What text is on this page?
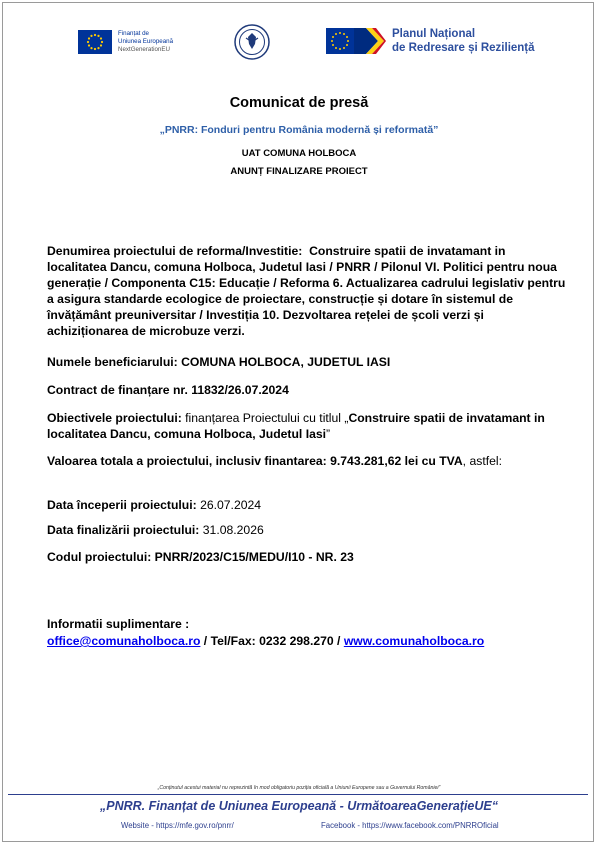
Finanțat de
Uniunea Europeană
NextGenerationEU
Planul Național
de Redresare și Reziliență
Comunicat de presă
„PNRR: Fonduri pentru România modernă și reformată”
UAT COMUNA HOLBOCA
ANUNȚ FINALIZARE PROIECT
Denumirea proiectului de reforma/Investitie: Construire spatii de invatamant in localitatea Dancu, comuna Holboca, Judetul Iasi / PNRR / Pilonul VI. Politici pentru noua generație / Componenta C15: Educație / Reforma 6. Actualizarea cadrului legislativ pentru a asigura standarde ecologice de proiectare, construcție și dotare în sistemul de învățământ preuniversitar / Investiția 10. Dezvoltarea rețelei de școli verzi și achiziționarea de microbuze verzi.
Numele beneficiarului: COMUNA HOLBOCA, JUDETUL IASI
Contract de finanțare nr. 11832/26.07.2024
Obiectivele proiectului: finanțarea Proiectului cu titlul „Construire spatii de invatamant in localitatea Dancu, comuna Holboca, Judetul Iasi”
Valoarea totala a proiectului, inclusiv finantarea: 9.743.281,62 lei cu TVA, astfel:
Data începerii proiectului: 26.07.2024
Data finalizării proiectului: 31.08.2026
Codul proiectului: PNRR/2023/C15/MEDU/I10 - NR. 23
Informatii suplimentare :
office@comunaholboca.ro / Tel/Fax: 0232 298.270 / www.comunaholboca.ro
„Conținutul acestui material nu reprezintă în mod obligatoriu poziția oficială a Uniunii Europene sau a Guvernului României”
„PNRR. Finanțat de Uniunea Europeană - UrmătoareaGenerațieUE“
Website - https://mfe.gov.ro/pnrr/	Facebook - https://www.facebook.com/PNRROficial
